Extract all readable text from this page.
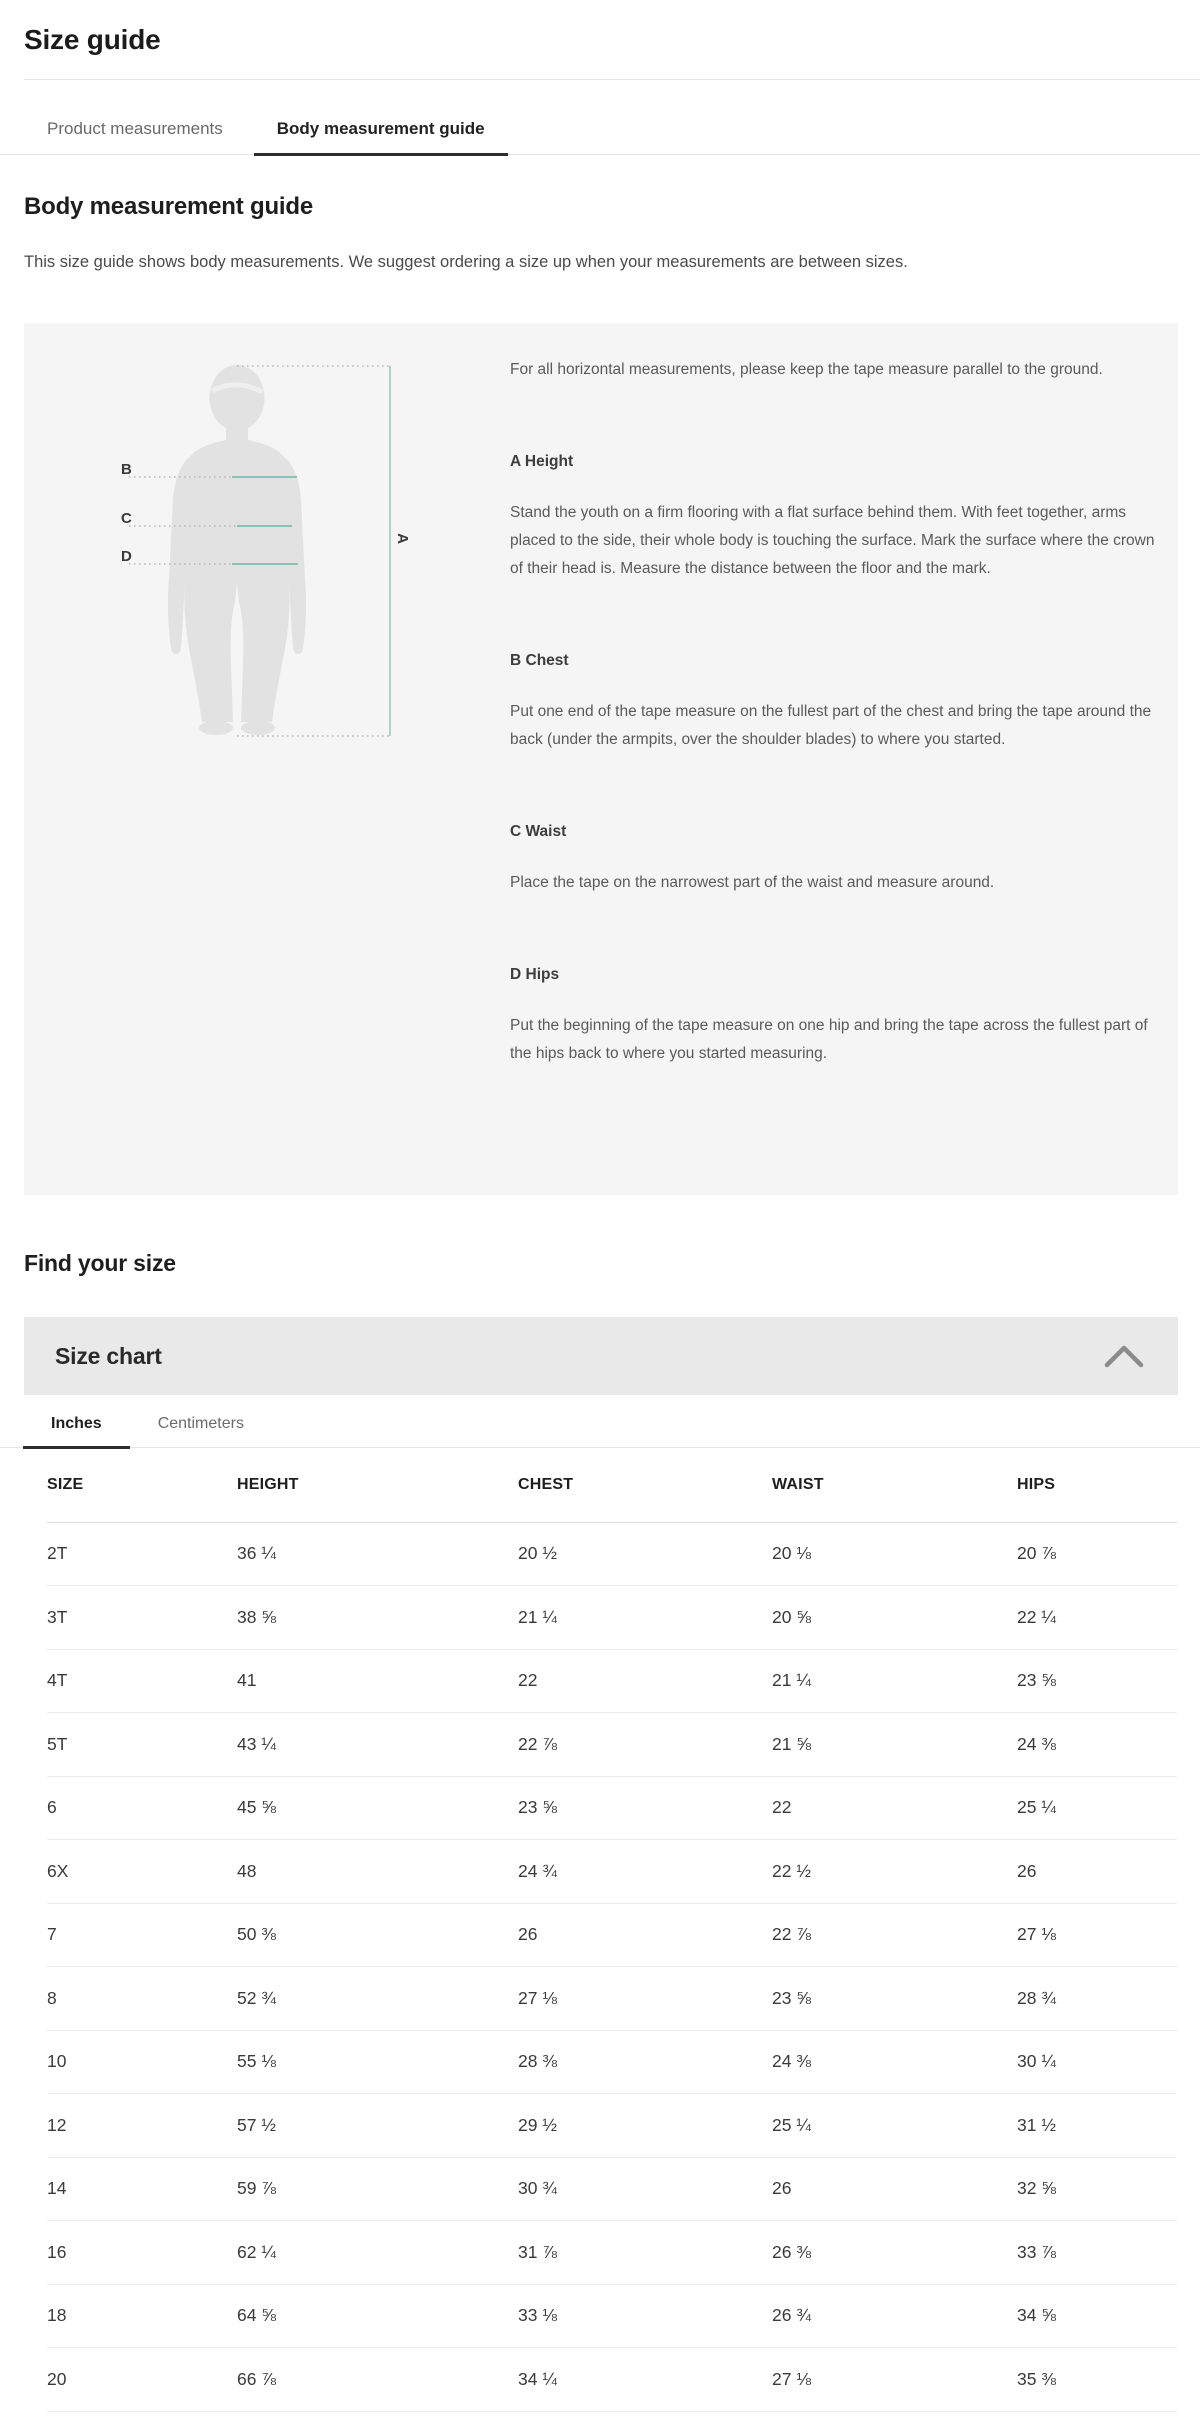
Size guide
Product measurements	Body measurement guide
Body measurement guide

This size guide shows body measurements. We suggest ordering a size up when your measurements are between sizes.

B
C
D
A

For all horizontal measurements, please keep the tape measure parallel to the ground.

A Height

Stand the youth on a firm flooring with a flat surface behind them. With feet together, arms placed to the side, their whole body is touching the surface. Mark the surface where the crown of their head is. Measure the distance between the floor and the mark.

B Chest

Put one end of the tape measure on the fullest part of the chest and bring the tape around the back (under the armpits, over the shoulder blades) to where you started.

C Waist

Place the tape on the narrowest part of the waist and measure around.

D Hips

Put the beginning of the tape measure on one hip and bring the tape across the fullest part of the hips back to where you started measuring.

Find your size
Size chart
Inches	Centimeters
SIZE	HEIGHT	CHEST	WAIST	HIPS
2T	36 ¼	20 ½	20 ⅛	20 ⅞
3T	38 ⅝	21 ¼	20 ⅝	22 ¼
4T	41	22	21 ¼	23 ⅝
5T	43 ¼	22 ⅞	21 ⅝	24 ⅜
6	45 ⅝	23 ⅝	22	25 ¼
6X	48	24 ¾	22 ½	26
7	50 ⅜	26	22 ⅞	27 ⅛
8	52 ¾	27 ⅛	23 ⅝	28 ¾
10	55 ⅛	28 ⅜	24 ⅜	30 ¼
12	57 ½	29 ½	25 ¼	31 ½
14	59 ⅞	30 ¾	26	32 ⅝
16	62 ¼	31 ⅞	26 ⅜	33 ⅞
18	64 ⅝	33 ⅛	26 ¾	34 ⅝
20	66 ⅞	34 ¼	27 ⅛	35 ⅜
